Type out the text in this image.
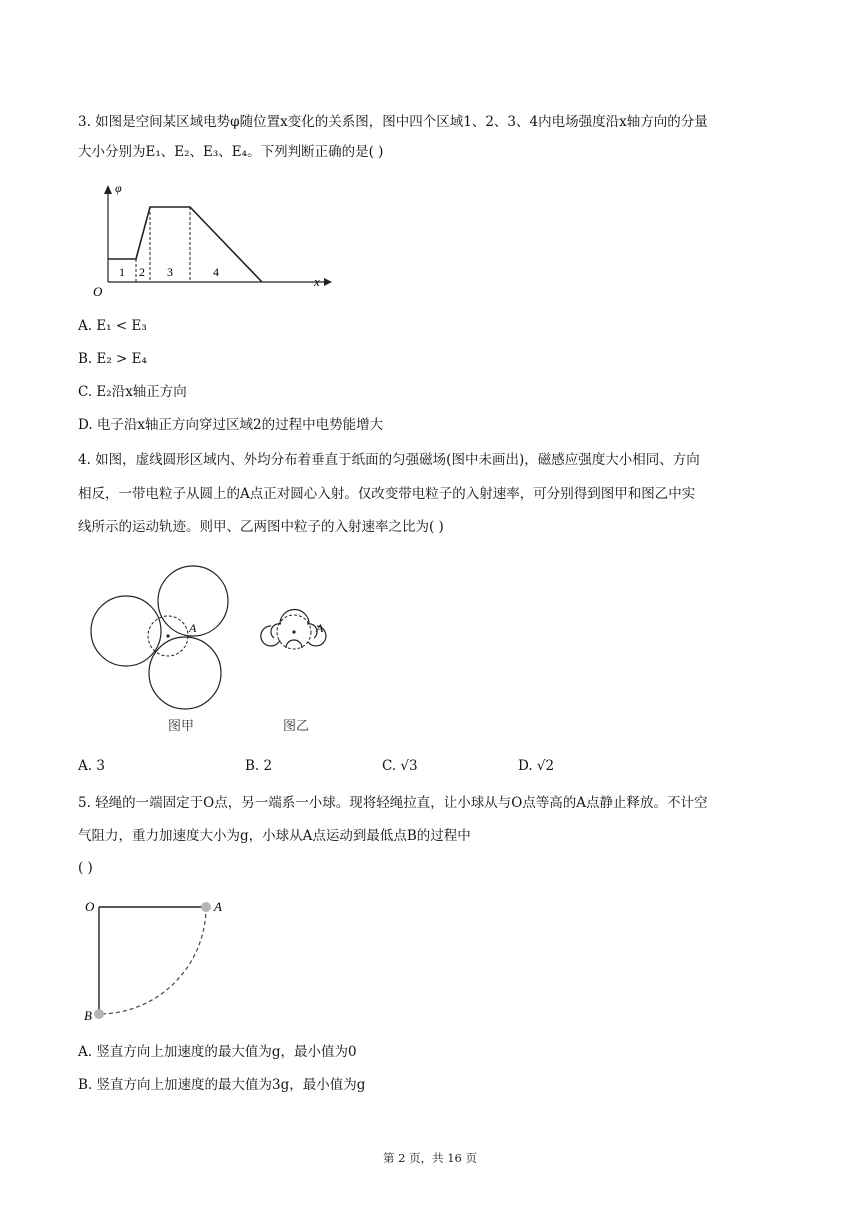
3. 如图是空间某区域电势φ随位置x变化的关系图，图中四个区域1、2、3、4内电场强度沿x轴方向的分量
大小分别为E₁、E₂、E₃、E₄。下列判断正确的是( )
φ
x
O
1 2 3	4
A. E₁ < E₃
B. E₂ > E₄
C. E₂沿x轴正方向
D. 电子沿x轴正方向穿过区域2的过程中电势能增大
4. 如图，虚线圆形区域内、外均分布着垂直于纸面的匀强磁场(图中未画出)，磁感应强度大小相同、方向
相反，一带电粒子从圆上的A点正对圆心入射。仅改变带电粒子的入射速率，可分别得到图甲和图乙中实
线所示的运动轨迹。则甲、乙两图中粒子的入射速率之比为( )
A
图甲
A
图乙
A. 3	B. 2	C. √3	D. √2
5. 轻绳的一端固定于O点，另一端系一小球。现将轻绳拉直，让小球从与O点等高的A点静止释放。不计空
气阻力，重力加速度大小为g，小球从A点运动到最低点B的过程中
( )
O	A
B
A. 竖直方向上加速度的最大值为g，最小值为0
B. 竖直方向上加速度的最大值为3g，最小值为g
第 2 页，共 16 页
